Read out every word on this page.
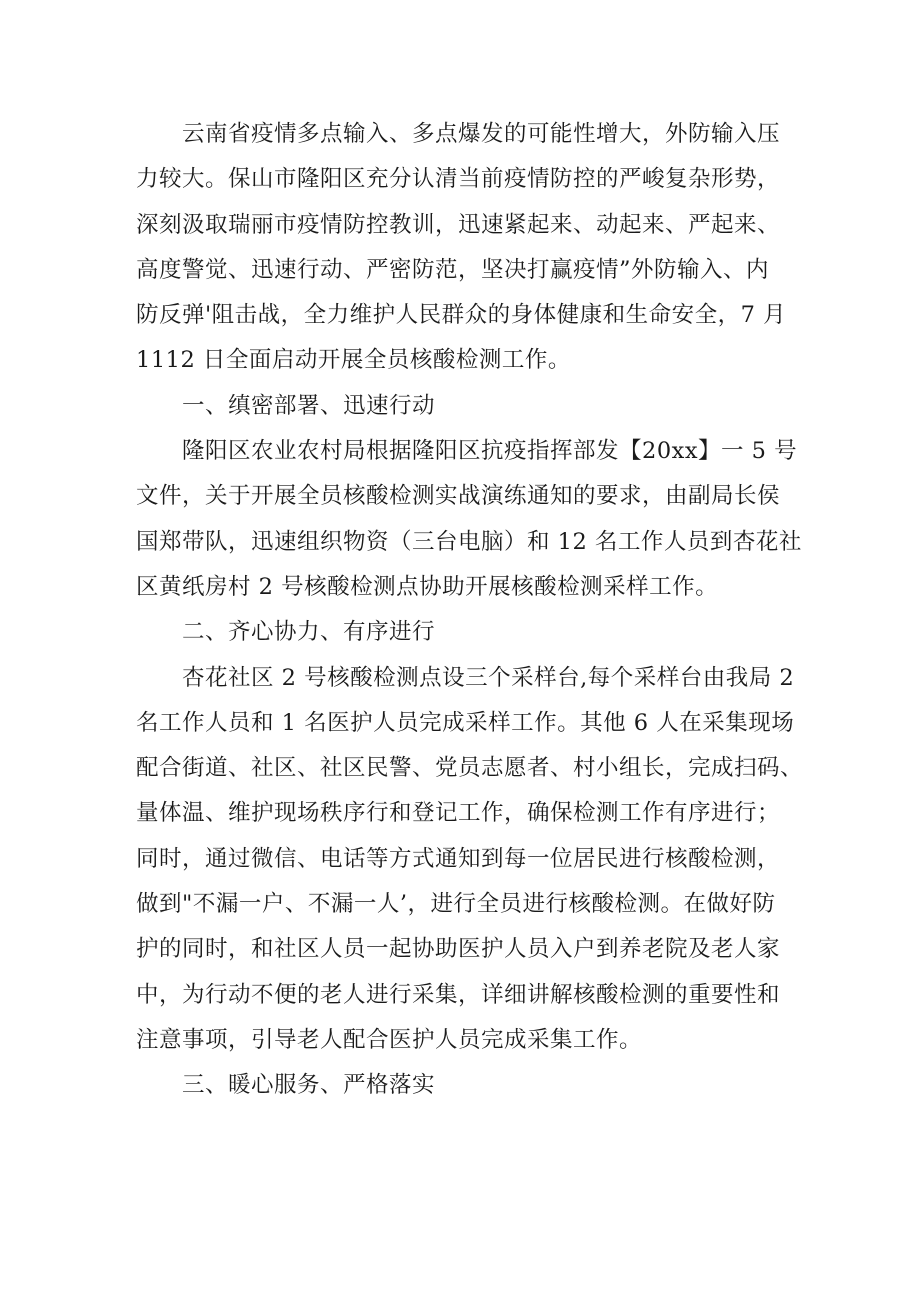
云南省疫情多点输入、多点爆发的可能性增大，外防输入压
力较大。保山市隆阳区充分认清当前疫情防控的严峻复杂形势，
深刻汲取瑞丽市疫情防控教训，迅速紧起来、动起来、严起来、
高度警觉、迅速行动、严密防范，坚决打赢疫情”外防输入、内
防反弹'阻击战，全力维护人民群众的身体健康和生命安全，7 月
1112 日全面启动开展全员核酸检测工作。
一、缜密部署、迅速行动
隆阳区农业农村局根据隆阳区抗疫指挥部发【20xx】一 5 号
文件，关于开展全员核酸检测实战演练通知的要求，由副局长侯
国郑带队，迅速组织物资（三台电脑）和 12 名工作人员到杏花社
区黄纸房村 2 号核酸检测点协助开展核酸检测采样工作。
二、齐心协力、有序进行
杏花社区 2 号核酸检测点设三个采样台,每个采样台由我局 2
名工作人员和 1 名医护人员完成采样工作。其他 6 人在采集现场
配合街道、社区、社区民警、党员志愿者、村小组长，完成扫码、
量体温、维护现场秩序行和登记工作，确保检测工作有序进行；
同时，通过微信、电话等方式通知到每一位居民进行核酸检测，
做到"不漏一户、不漏一人’，进行全员进行核酸检测。在做好防
护的同时，和社区人员一起协助医护人员入户到养老院及老人家
中，为行动不便的老人进行采集，详细讲解核酸检测的重要性和
注意事项，引导老人配合医护人员完成采集工作。
三、暖心服务、严格落实
